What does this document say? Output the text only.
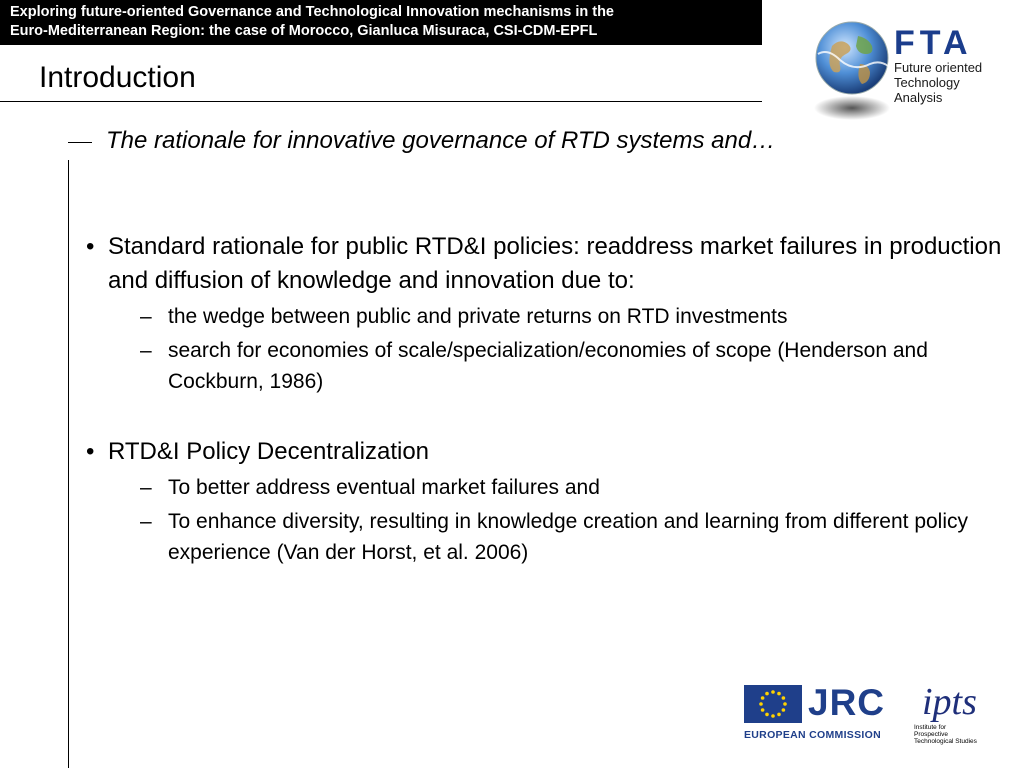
Exploring future-oriented Governance and Technological Innovation mechanisms in the
Euro-Mediterranean Region: the case of Morocco, Gianluca Misuraca, CSI-CDM-EPFL
Introduction
The rationale for innovative governance of RTD systems and…
• Standard rationale for public RTD&I policies: readdress market failures in production and diffusion of knowledge and innovation due to:
– the wedge between public and private returns on RTD investments
– search for economies of scale/specialization/economies of scope (Henderson and Cockburn, 1986)
• RTD&I Policy Decentralization
– To better address eventual market failures and
– To enhance diversity, resulting in knowledge creation and learning from different policy experience (Van der Horst, et al. 2006)
FTA
Future oriented
Technology
Analysis
JRC
EUROPEAN COMMISSION
ipts
Institute for
Prospective
Technological Studies
